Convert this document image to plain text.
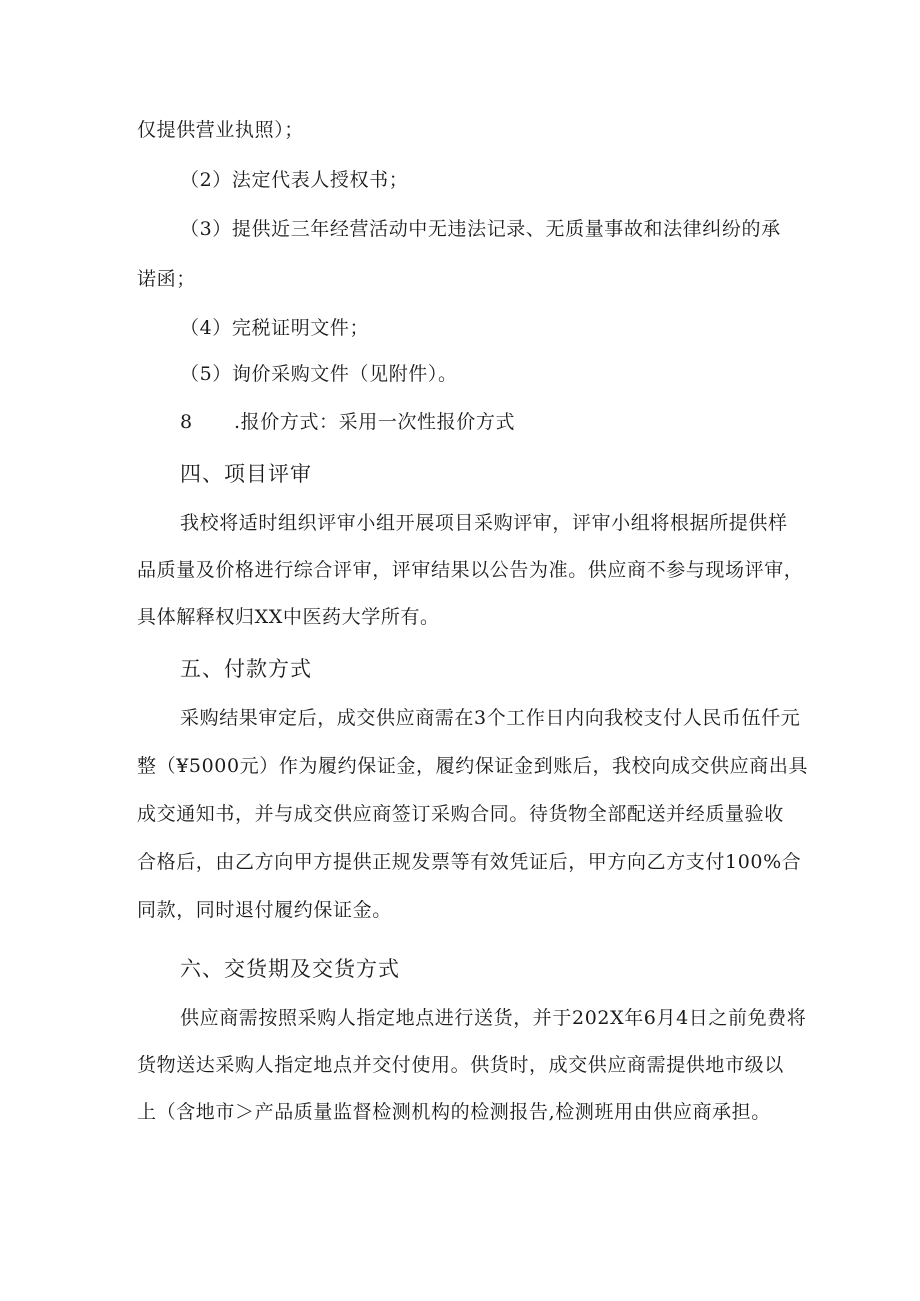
仅提供营业执照）；
（2）法定代表人授权书；
（3）提供近三年经营活动中无违法记录、无质量事故和法律纠纷的承
诺函；
（4）完税证明文件；
（5）询价采购文件（见附件）。
8 .报价方式：采用一次性报价方式
四、项目评审
我校将适时组织评审小组开展项目采购评审，评审小组将根据所提供样
品质量及价格进行综合评审，评审结果以公告为准。供应商不参与现场评审，
具体解释权归XX中医药大学所有。
五、付款方式
采购结果审定后，成交供应商需在3个工作日内向我校支付人民币伍仟元
整（¥5000元）作为履约保证金，履约保证金到账后，我校向成交供应商出具
成交通知书，并与成交供应商签订采购合同。待货物全部配送并经质量验收
合格后，由乙方向甲方提供正规发票等有效凭证后，甲方向乙方支付100%合
同款，同时退付履约保证金。
六、交货期及交货方式
供应商需按照采购人指定地点进行送货，并于202X年6月4日之前免费将
货物送达采购人指定地点并交付使用。供货时，成交供应商需提供地市级以
上（含地市＞产品质量监督检测机构的检测报告,检测班用由供应商承担。
